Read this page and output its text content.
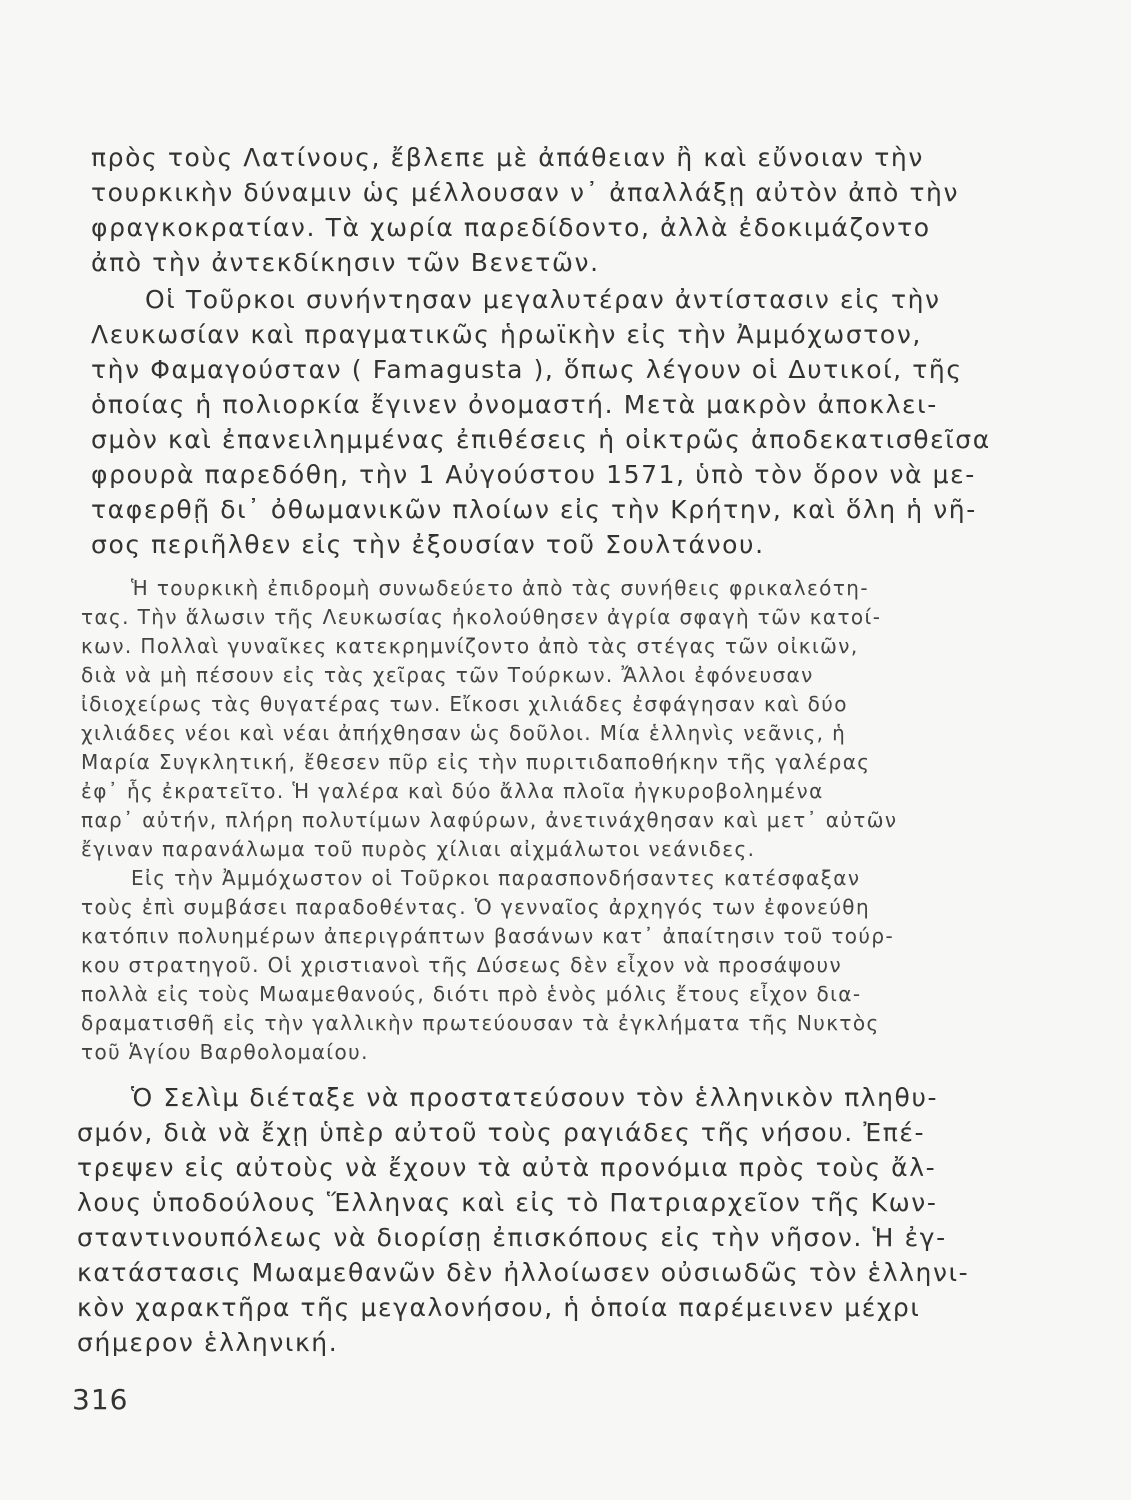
πρὸς τοὺς Λατίνους, ἔβλεπε μὲ ἀπάθειαν ἢ καὶ εὔνοιαν τὴν

τουρκικὴν δύναμιν ὡς μέλλουσαν ν᾽ ἀπαλλάξῃ αὐτὸν ἀπὸ τὴν

φραγκοκρατίαν. Τὰ χωρία παρεδίδοντο, ἀλλὰ ἐδοκιμάζοντο

ἀπὸ τὴν ἀντεκδίκησιν τῶν Βενετῶν.

Οἱ Τοῦρκοι συνήντησαν μεγαλυτέραν ἀντίστασιν εἰς τὴν

Λευκωσίαν καὶ πραγματικῶς ἡρωϊκὴν εἰς τὴν Ἀμμόχωστον,

τὴν Φαμαγούσταν ( Famagusta ), ὅπως λέγουν οἱ Δυτικοί, τῆς

ὁποίας ἡ πολιορκία ἔγινεν ὀνομαστή. Μετὰ μακρὸν ἀποκλει-

σμὸν καὶ ἐπανειλημμένας ἐπιθέσεις ἡ οἰκτρῶς ἀποδεκατισθεῖσα

φρουρὰ παρεδόθη, τὴν 1 Αὐγούστου 1571, ὑπὸ τὸν ὅρον νὰ με-

ταφερθῇ δι᾽ ὀθωμανικῶν πλοίων εἰς τὴν Κρήτην, καὶ ὅλη ἡ νῆ-

σος περιῆλθεν εἰς τὴν ἐξουσίαν τοῦ Σουλτάνου.

Ἡ τουρκικὴ ἐπιδρομὴ συνωδεύετο ἀπὸ τὰς συνήθεις φρικαλεότη-

τας. Τὴν ἅλωσιν τῆς Λευκωσίας ἠκολούθησεν ἀγρία σφαγὴ τῶν κατοί-

κων. Πολλαὶ γυναῖκες κατεκρημνίζοντο ἀπὸ τὰς στέγας τῶν οἰκιῶν,

διὰ νὰ μὴ πέσουν εἰς τὰς χεῖρας τῶν Τούρκων. Ἄλλοι ἐφόνευσαν

ἰδιοχείρως τὰς θυγατέρας των. Εἴκοσι χιλιάδες ἐσφάγησαν καὶ δύο

χιλιάδες νέοι καὶ νέαι ἀπήχθησαν ὡς δοῦλοι. Μία ἑλληνὶς νεᾶνις, ἡ

Μαρία Συγκλητική, ἔθεσεν πῦρ εἰς τὴν πυριτιδαποθήκην τῆς γαλέρας

ἐφ᾽ ἧς ἐκρατεῖτο. Ἡ γαλέρα καὶ δύο ἄλλα πλοῖα ἠγκυροβολημένα

παρ᾽ αὐτήν, πλήρη πολυτίμων λαφύρων, ἀνετινάχθησαν καὶ μετ᾽ αὐτῶν

ἔγιναν παρανάλωμα τοῦ πυρὸς χίλιαι αἰχμάλωτοι νεάνιδες.

Εἰς τὴν Ἀμμόχωστον οἱ Τοῦρκοι παρασπονδήσαντες κατέσφαξαν

τοὺς ἐπὶ συμβάσει παραδοθέντας. Ὁ γενναῖος ἀρχηγός των ἐφονεύθη

κατόπιν πολυημέρων ἀπεριγράπτων βασάνων κατ᾽ ἀπαίτησιν τοῦ τούρ-

κου στρατηγοῦ. Οἱ χριστιανοὶ τῆς Δύσεως δὲν εἶχον νὰ προσάψουν

πολλὰ εἰς τοὺς Μωαμεθανούς, διότι πρὸ ἑνὸς μόλις ἔτους εἶχον δια-

δραματισθῆ εἰς τὴν γαλλικὴν πρωτεύουσαν τὰ ἐγκλήματα τῆς Νυκτὸς

τοῦ Ἁγίου Βαρθολομαίου.

Ὁ Σελὶμ διέταξε νὰ προστατεύσουν τὸν ἑλληνικὸν πληθυ-

σμόν, διὰ νὰ ἔχῃ ὑπὲρ αὐτοῦ τοὺς ραγιάδες τῆς νήσου. Ἐπέ-

τρεψεν εἰς αὐτοὺς νὰ ἔχουν τὰ αὐτὰ προνόμια πρὸς τοὺς ἄλ-

λους ὑποδούλους Ἕλληνας καὶ εἰς τὸ Πατριαρχεῖον τῆς Κων-

σταντινουπόλεως νὰ διορίσῃ ἐπισκόπους εἰς τὴν νῆσον. Ἡ ἐγ-

κατάστασις Μωαμεθανῶν δὲν ἠλλοίωσεν οὐσιωδῶς τὸν ἑλληνι-

κὸν χαρακτῆρα τῆς μεγαλονήσου, ἡ ὁποία παρέμεινεν μέχρι

σήμερον ἑλληνική.

316
